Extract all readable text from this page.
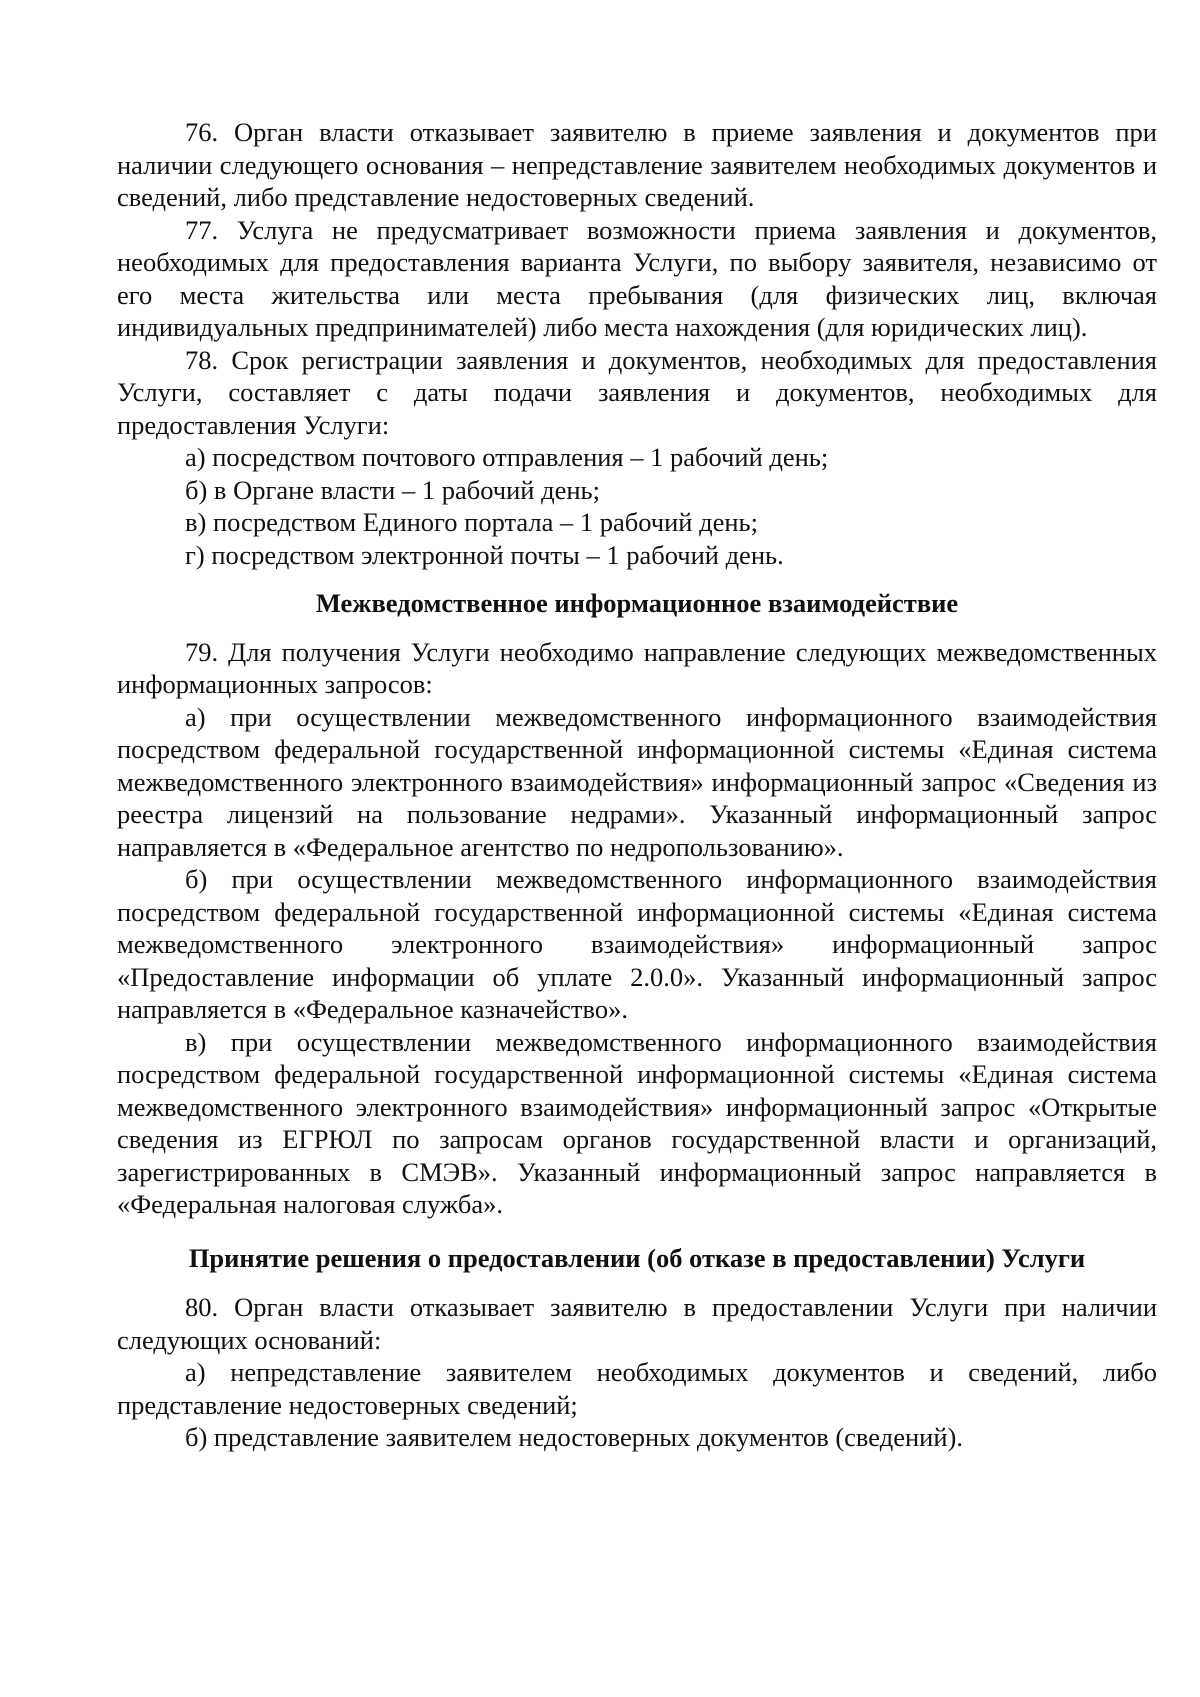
76. Орган власти отказывает заявителю в приеме заявления и документов при наличии следующего основания – непредставление заявителем необходимых документов и сведений, либо представление недостоверных сведений.

77. Услуга не предусматривает возможности приема заявления и документов, необходимых для предоставления варианта Услуги, по выбору заявителя, независимо от его места жительства или места пребывания (для физических лиц, включая индивидуальных предпринимателей) либо места нахождения (для юридических лиц).

78. Срок регистрации заявления и документов, необходимых для предоставления Услуги, составляет с даты подачи заявления и документов, необходимых для предоставления Услуги:

а) посредством почтового отправления – 1 рабочий день;

б) в Органе власти – 1 рабочий день;

в) посредством Единого портала – 1 рабочий день;

г) посредством электронной почты – 1 рабочий день.

Межведомственное информационное взаимодействие

79. Для получения Услуги необходимо направление следующих межведомственных информационных запросов:

а) при осуществлении межведомственного информационного взаимодействия посредством федеральной государственной информационной системы «Единая система межведомственного электронного взаимодействия» информационный запрос «Сведения из реестра лицензий на пользование недрами». Указанный информационный запрос направляется в «Федеральное агентство по недропользованию».

б) при осуществлении межведомственного информационного взаимодействия посредством федеральной государственной информационной системы «Единая система межведомственного электронного взаимодействия» информационный запрос «Предоставление информации об уплате 2.0.0». Указанный информационный запрос направляется в «Федеральное казначейство».

в) при осуществлении межведомственного информационного взаимодействия посредством федеральной государственной информационной системы «Единая система межведомственного электронного взаимодействия» информационный запрос «Открытые сведения из ЕГРЮЛ по запросам органов государственной власти и организаций, зарегистрированных в СМЭВ». Указанный информационный запрос направляется в «Федеральная налоговая служба».

Принятие решения о предоставлении (об отказе в предоставлении) Услуги

80. Орган власти отказывает заявителю в предоставлении Услуги при наличии следующих оснований:

а) непредставление заявителем необходимых документов и сведений, либо представление недостоверных сведений;

б) представление заявителем недостоверных документов (сведений).
